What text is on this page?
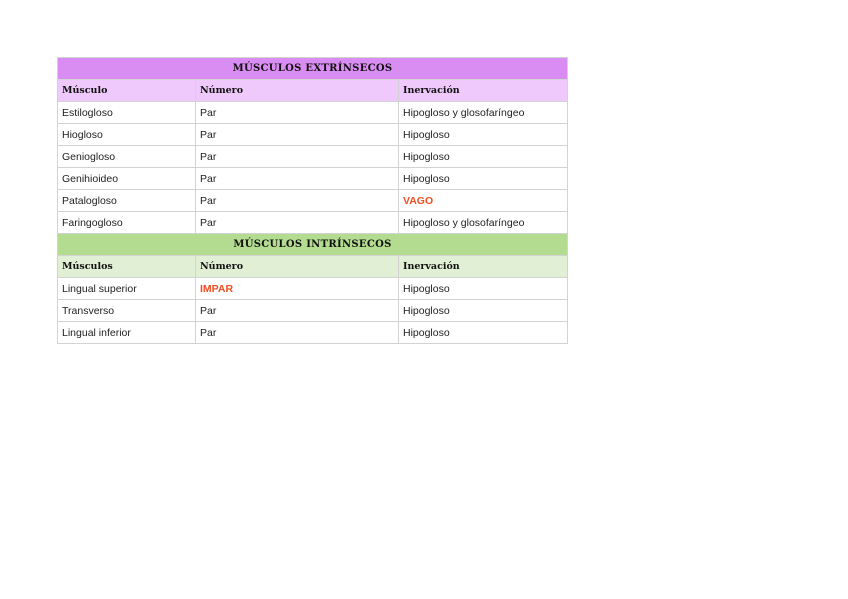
MÚSCULOS EXTRÍNSECOS		
Músculo	Número	Inervación
Estilogloso	Par	Hipogloso y glosofaríngeo
Hiogloso	Par	Hipogloso
Geniogloso	Par	Hipogloso
Genihioideo	Par	Hipogloso
Patalogloso	Par	VAGO
Faringogloso	Par	Hipogloso y glosofaríngeo
MÚSCULOS INTRÍNSECOS		
Músculos	Número	Inervación
Lingual superior	IMPAR	Hipogloso
Transverso	Par	Hipogloso
Lingual inferior	Par	Hipogloso
